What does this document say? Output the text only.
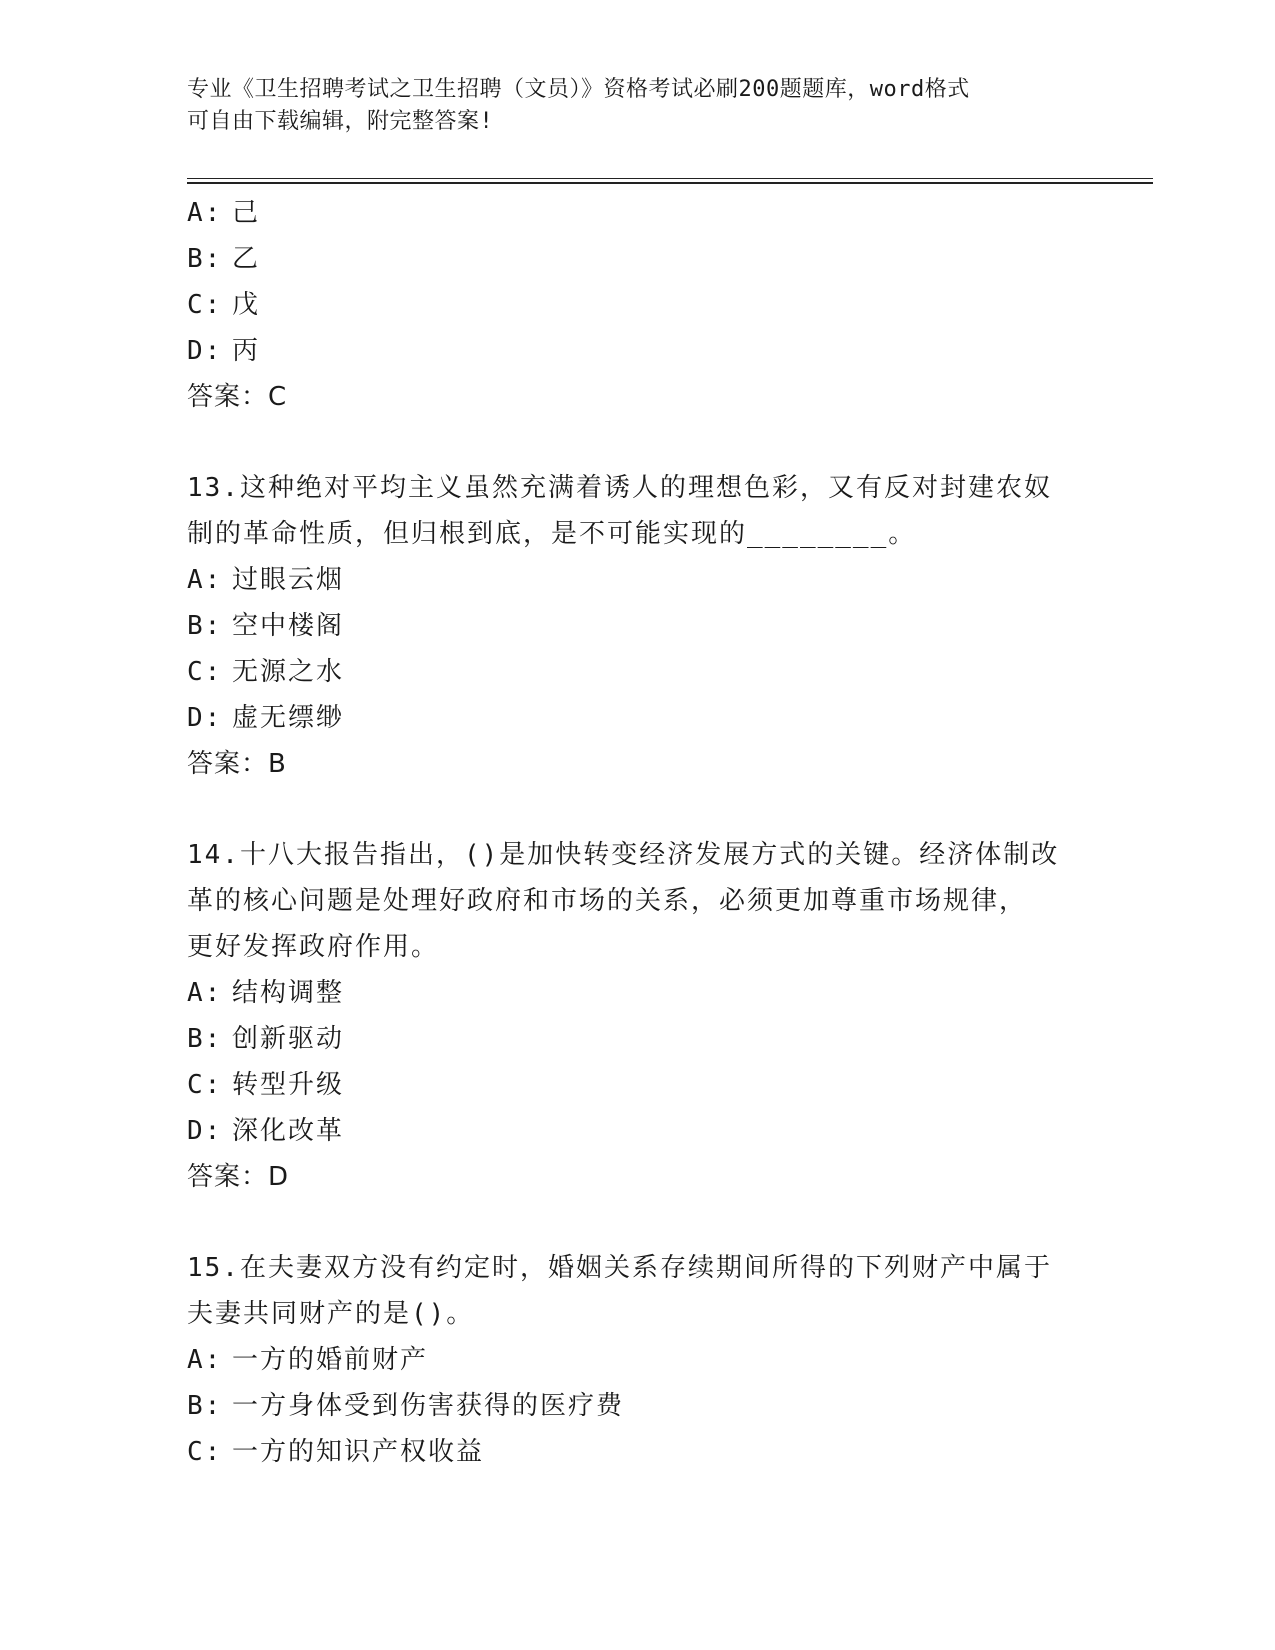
专业《卫生招聘考试之卫生招聘（文员）》资格考试必刷200题题库，word格式
可自由下载编辑，附完整答案!
A: 己
B: 乙
C: 戊
D: 丙
答案：C
13.这种绝对平均主义虽然充满着诱人的理想色彩，又有反对封建农奴
制的革命性质，但归根到底，是不可能实现的________。
A: 过眼云烟
B: 空中楼阁
C: 无源之水
D: 虚无缥缈
答案：B
14.十八大报告指出，()是加快转变经济发展方式的关键。经济体制改
革的核心问题是处理好政府和市场的关系，必须更加尊重市场规律，
更好发挥政府作用。
A: 结构调整
B: 创新驱动
C: 转型升级
D: 深化改革
答案：D
15.在夫妻双方没有约定时，婚姻关系存续期间所得的下列财产中属于
夫妻共同财产的是()。
A: 一方的婚前财产
B: 一方身体受到伤害获得的医疗费
C: 一方的知识产权收益
